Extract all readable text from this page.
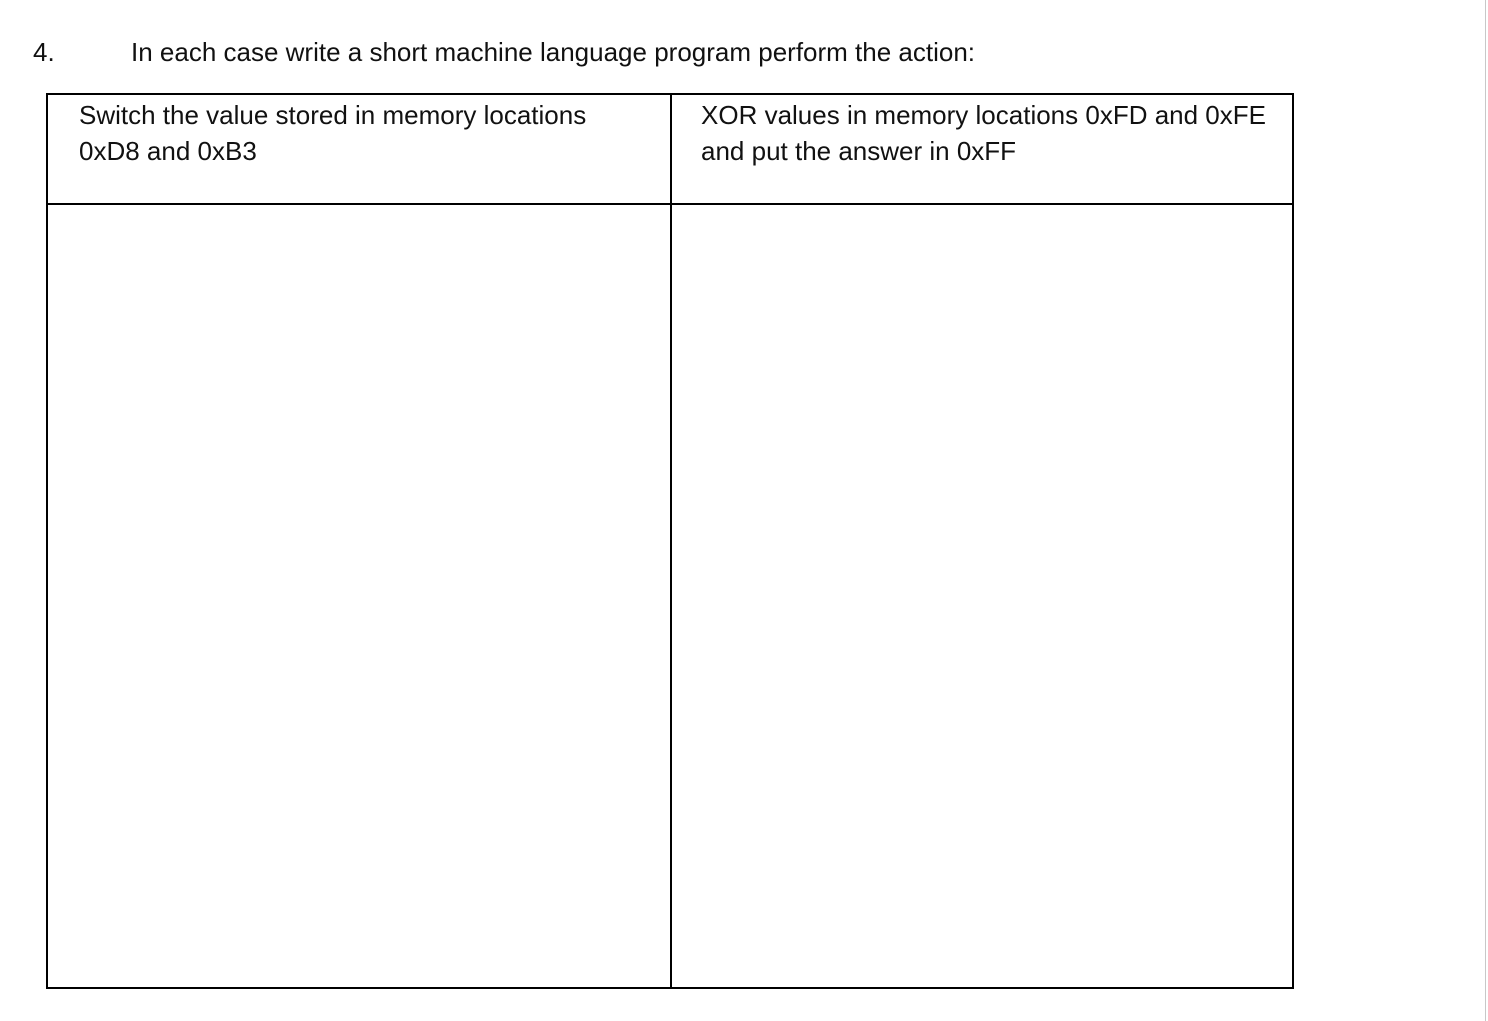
4.	In each case write a short machine language program perform the action:
Switch the value stored in memory locations 0xD8 and 0xB3	XOR values in memory locations 0xFD and 0xFE and put the answer in 0xFF
